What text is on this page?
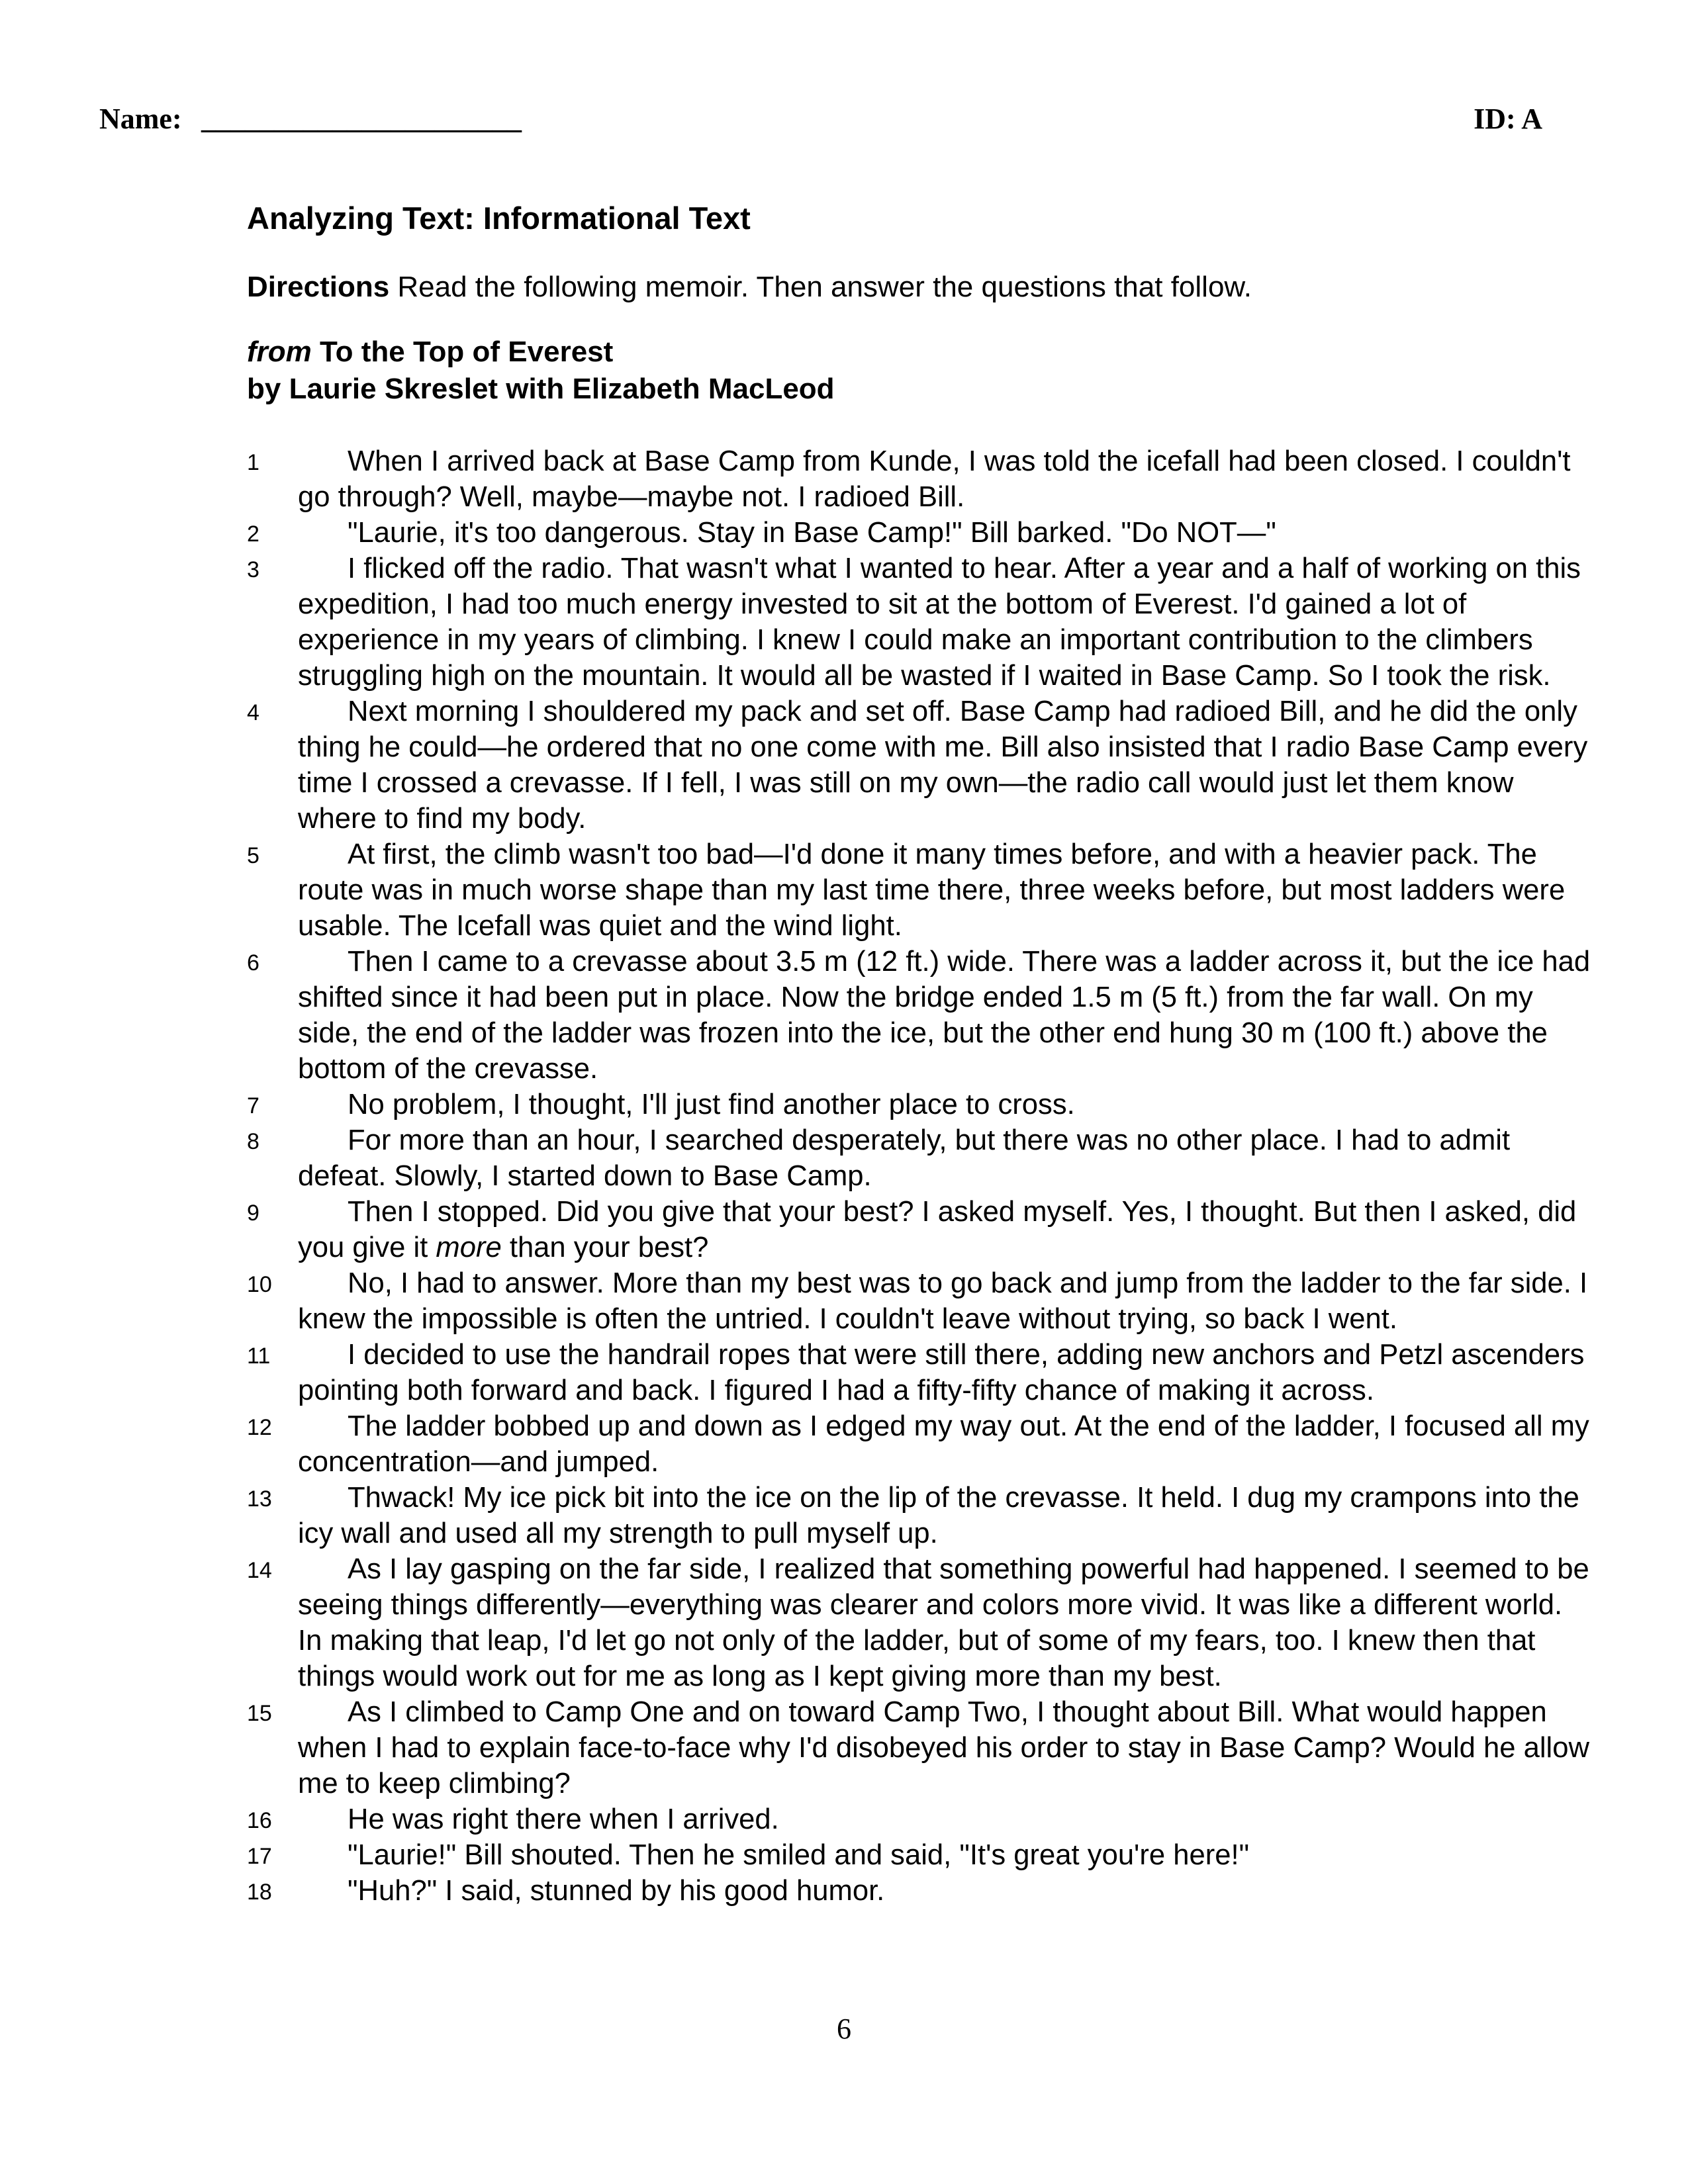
Name: ______________________	ID: A
Analyzing Text: Informational Text
Directions Read the following memoir. Then answer the questions that follow.
from To the Top of Everest
by Laurie Skreslet with Elizabeth MacLeod
1	When I arrived back at Base Camp from Kunde, I was told the icefall had been closed. I couldn't go through? Well, maybe—maybe not. I radioed Bill.
2	"Laurie, it's too dangerous. Stay in Base Camp!" Bill barked. "Do NOT—"
3	I flicked off the radio. That wasn't what I wanted to hear. After a year and a half of working on this expedition, I had too much energy invested to sit at the bottom of Everest. I'd gained a lot of experience in my years of climbing. I knew I could make an important contribution to the climbers struggling high on the mountain. It would all be wasted if I waited in Base Camp. So I took the risk.
4	Next morning I shouldered my pack and set off. Base Camp had radioed Bill, and he did the only thing he could—he ordered that no one come with me. Bill also insisted that I radio Base Camp every time I crossed a crevasse. If I fell, I was still on my own—the radio call would just let them know where to find my body.
5	At first, the climb wasn't too bad—I'd done it many times before, and with a heavier pack. The route was in much worse shape than my last time there, three weeks before, but most ladders were usable. The Icefall was quiet and the wind light.
6	Then I came to a crevasse about 3.5 m (12 ft.) wide. There was a ladder across it, but the ice had shifted since it had been put in place. Now the bridge ended 1.5 m (5 ft.) from the far wall. On my side, the end of the ladder was frozen into the ice, but the other end hung 30 m (100 ft.) above the bottom of the crevasse.
7	No problem, I thought, I'll just find another place to cross.
8	For more than an hour, I searched desperately, but there was no other place. I had to admit defeat. Slowly, I started down to Base Camp.
9	Then I stopped. Did you give that your best? I asked myself. Yes, I thought. But then I asked, did you give it more than your best?
10	No, I had to answer. More than my best was to go back and jump from the ladder to the far side. I knew the impossible is often the untried. I couldn't leave without trying, so back I went.
11	I decided to use the handrail ropes that were still there, adding new anchors and Petzl ascenders pointing both forward and back. I figured I had a fifty-fifty chance of making it across.
12	The ladder bobbed up and down as I edged my way out. At the end of the ladder, I focused all my concentration—and jumped.
13	Thwack! My ice pick bit into the ice on the lip of the crevasse. It held. I dug my crampons into the icy wall and used all my strength to pull myself up.
14	As I lay gasping on the far side, I realized that something powerful had happened. I seemed to be seeing things differently—everything was clearer and colors more vivid. It was like a different world. In making that leap, I'd let go not only of the ladder, but of some of my fears, too. I knew then that things would work out for me as long as I kept giving more than my best.
15	As I climbed to Camp One and on toward Camp Two, I thought about Bill. What would happen when I had to explain face-to-face why I'd disobeyed his order to stay in Base Camp? Would he allow me to keep climbing?
16	He was right there when I arrived.
17	"Laurie!" Bill shouted. Then he smiled and said, "It's great you're here!"
18	"Huh?" I said, stunned by his good humor.
6
